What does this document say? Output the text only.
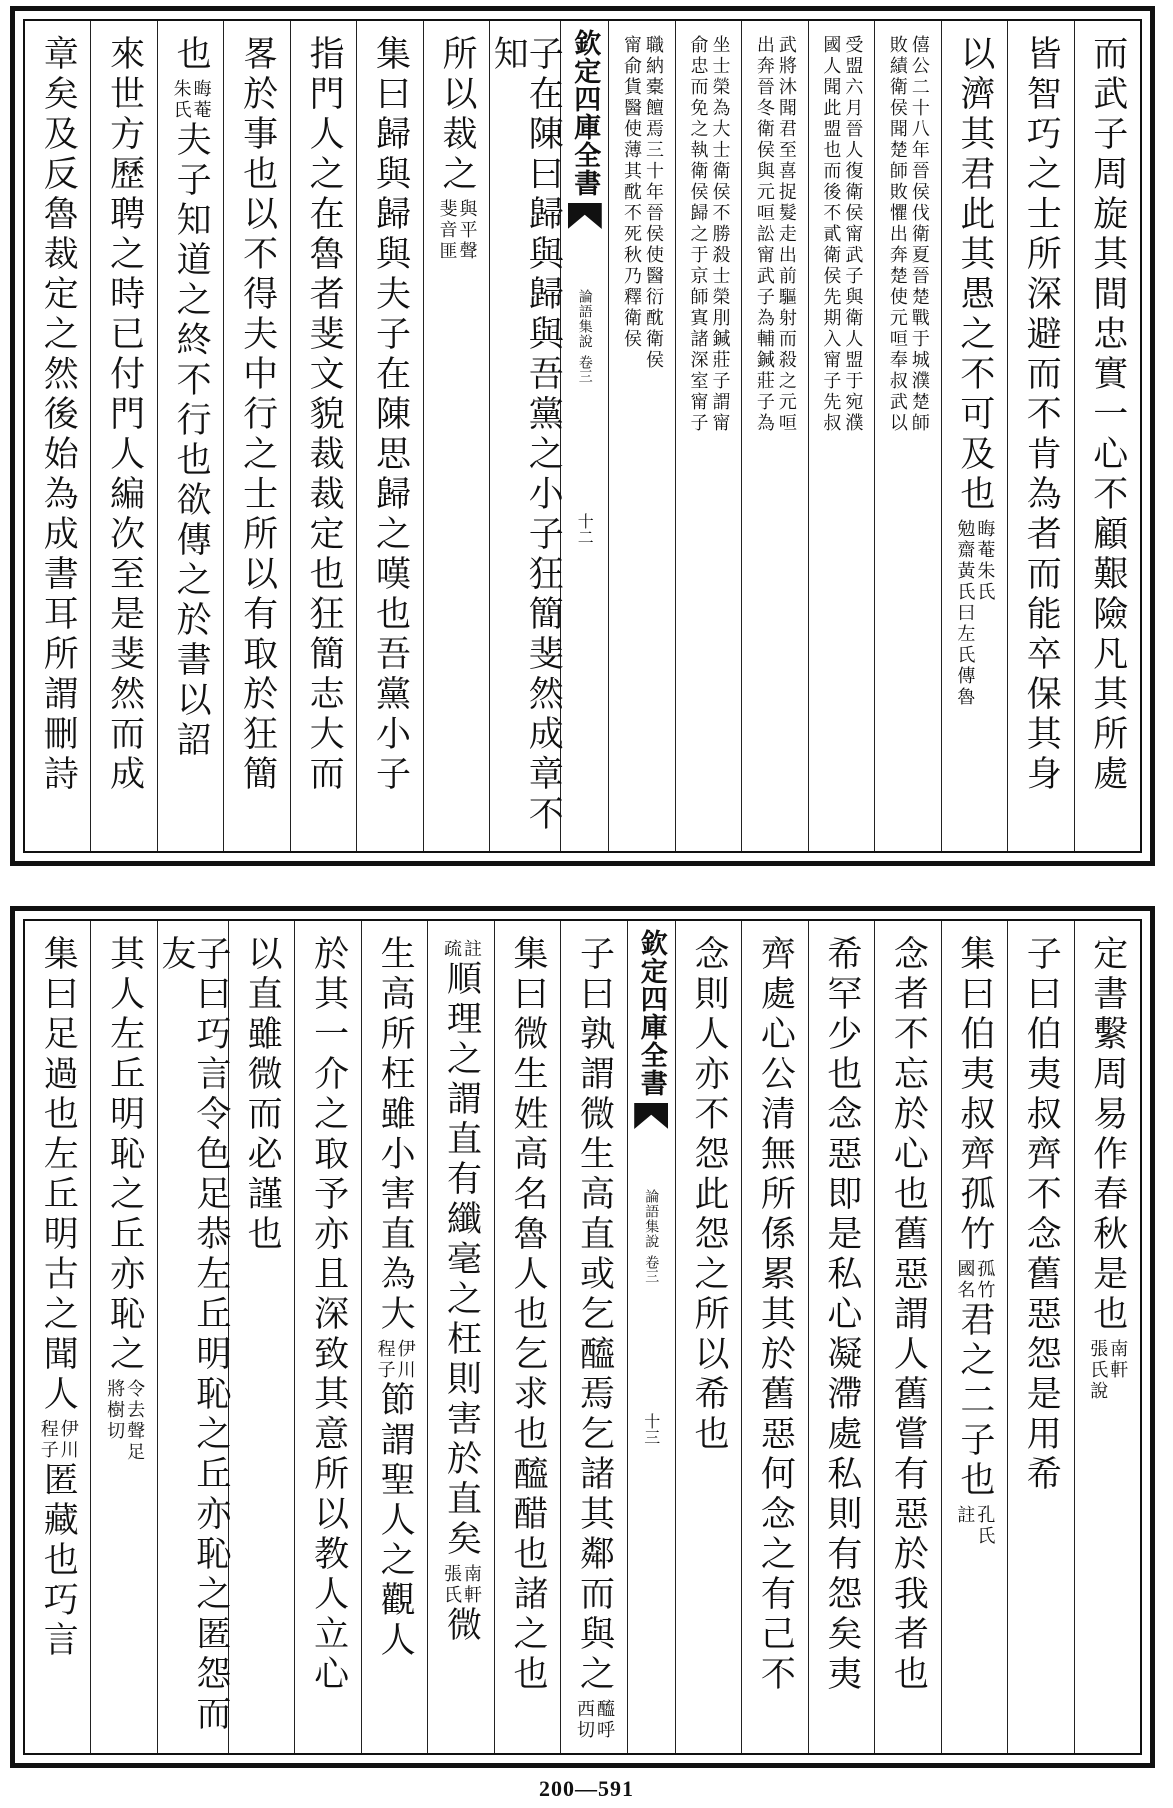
而武子周旋其間忠實一心不顧艱險凡其所處
皆智巧之士所深避而不肯為者而能卒保其身
以濟其君此其愚之不可及也
晦菴朱氏
勉齋黃氏曰左氏傳魯
僖公二十八年晉侯伐衛夏晉楚戰于城濮楚師
敗績衛侯聞楚師敗懼出奔楚使元咺奉叔武以
受盟六月晉人復衛侯甯武子與衛人盟于宛濮
國人聞此盟也而後不貳衛侯先期入甯子先叔
武將沐聞君至喜捉髮走出前驅射而殺之元咺
出奔晉冬衛侯與元咺訟甯武子為輔鍼莊子為
坐士榮為大士衛侯不勝殺士榮刖鍼莊子謂甯
俞忠而免之執衛侯歸之于京師寘諸深室甯子
職納橐饘焉三十年晉侯使醫衍酖衛侯
甯俞貨醫使薄其酖不死秋乃釋衛侯
欽定四庫全書
論語集說
卷三
十二
子在陳曰歸與歸與吾黨之小子狂簡斐然成章不知
所以裁之
與平聲
斐音匪
集曰歸與歸與夫子在陳思歸之嘆也吾黨小子
指門人之在魯者斐文貌裁裁定也狂簡志大而
畧於事也以不得夫中行之士所以有取於狂簡
也
晦菴
朱氏
夫子知道之終不行也欲傳之於書以詔
來世方歷聘之時已付門人編次至是斐然而成
章矣及反魯裁定之然後始為成書耳所謂刪詩
定書繫周易作春秋是也
南軒
張氏說
子曰伯夷叔齊不念舊惡怨是用希
集曰伯夷叔齊孤竹
孤竹
國名
君之二子也
孔氏
註
念者不忘於心也舊惡謂人舊嘗有惡於我者也
希罕少也念惡即是私心凝滯處私則有怨矣夷
齊處心公清無所係累其於舊惡何念之有己不
念則人亦不怨此怨之所以希也
欽定四庫全書
論語集說
卷三
十三
子曰孰謂微生高直或乞醯焉乞諸其鄰而與之
醯呼
西切
集曰微生姓高名魯人也乞求也醯醋也諸之也
註
疏
順理之謂直有纖毫之枉則害於直矣
南軒
張氏
微
生高所枉雖小害直為大
伊川
程子
節謂聖人之觀人
於其一介之取予亦且深致其意所以教人立心
以直雖微而必謹也
子曰巧言令色足恭左丘明恥之丘亦恥之匿怨而友
其人左丘明恥之丘亦恥之
令去聲足
將樹切
集曰足過也左丘明古之聞人
伊川
程子
匿藏也巧言
200—591
